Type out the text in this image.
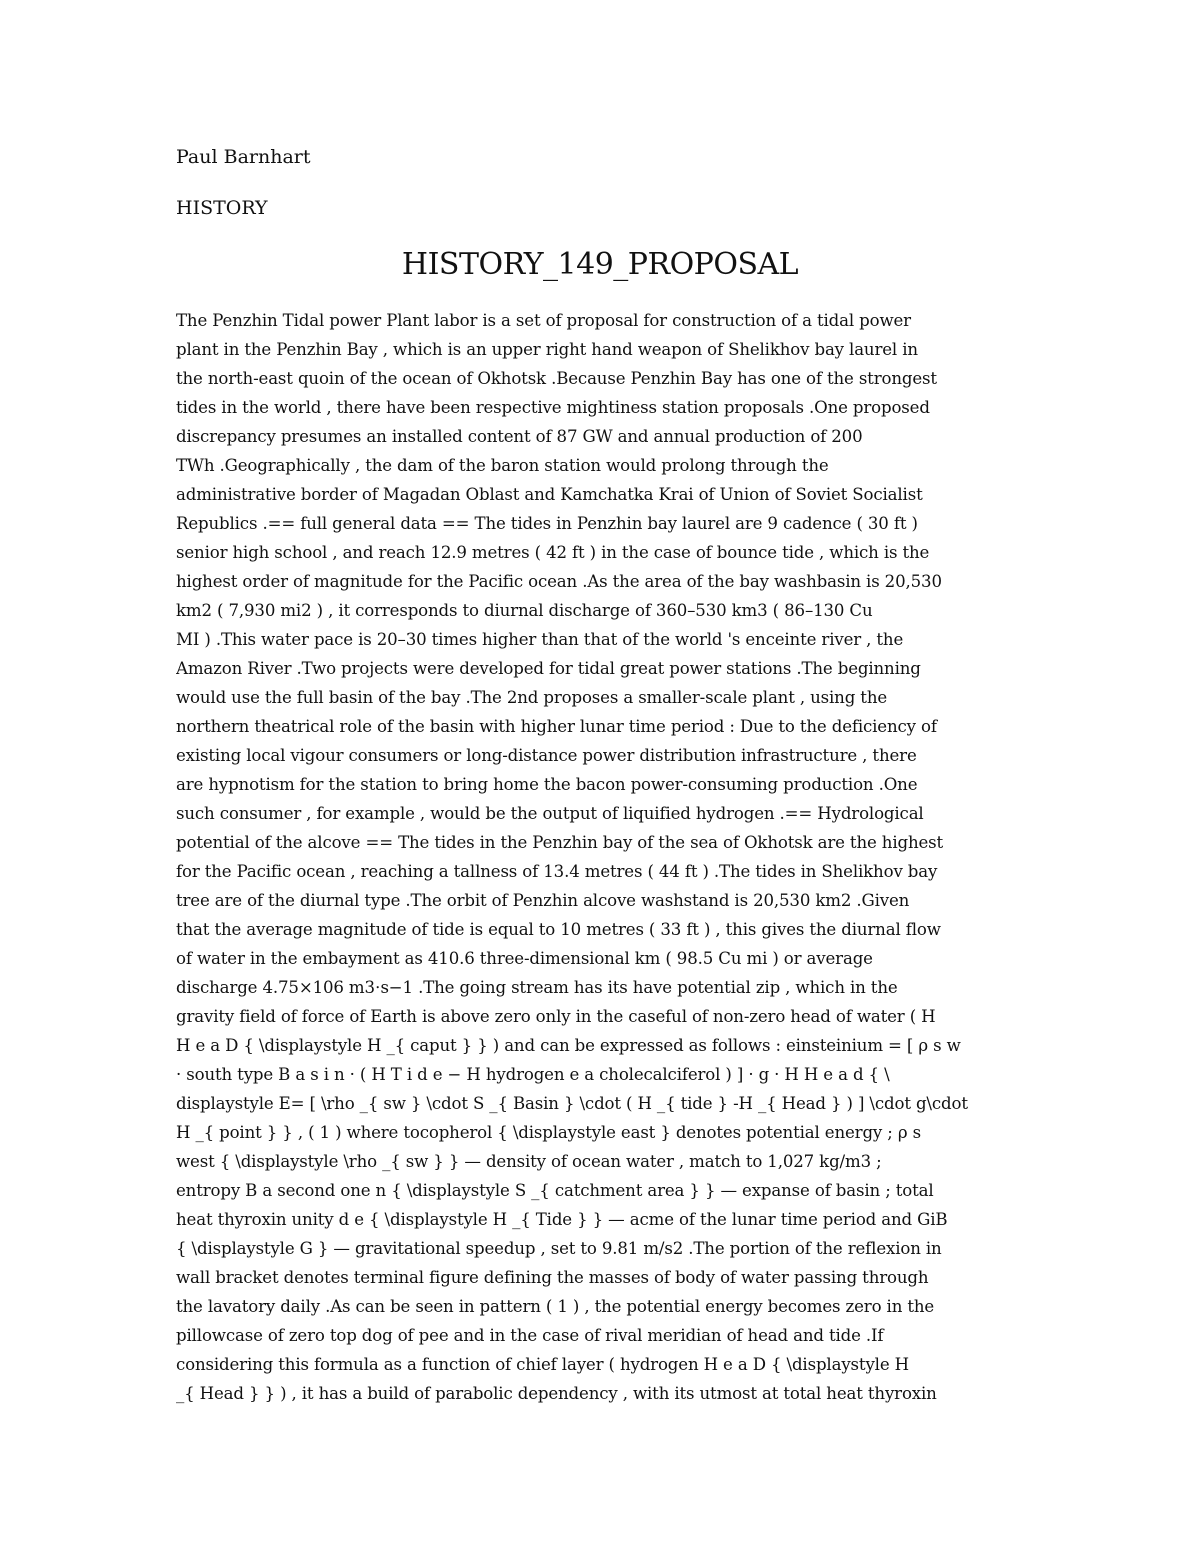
Paul Barnhart
HISTORY
HISTORY_149_PROPOSAL
The Penzhin Tidal power Plant labor is a set of proposal for construction of a tidal power
plant in the Penzhin Bay , which is an upper right hand weapon of Shelikhov bay laurel in
the north-east quoin of the ocean of Okhotsk .Because Penzhin Bay has one of the strongest
tides in the world , there have been respective mightiness station proposals .One proposed
discrepancy presumes an installed content of 87 GW and annual production of 200
TWh .Geographically , the dam of the baron station would prolong through the
administrative border of Magadan Oblast and Kamchatka Krai of Union of Soviet Socialist
Republics .== full general data == The tides in Penzhin bay laurel are 9 cadence ( 30 ft )
senior high school , and reach 12.9 metres ( 42 ft ) in the case of bounce tide , which is the
highest order of magnitude for the Pacific ocean .As the area of the bay washbasin is 20,530
km2 ( 7,930 mi2 ) , it corresponds to diurnal discharge of 360–530 km3 ( 86–130 Cu
MI ) .This water pace is 20–30 times higher than that of the world 's enceinte river , the
Amazon River .Two projects were developed for tidal great power stations .The beginning
would use the full basin of the bay .The 2nd proposes a smaller-scale plant , using the
northern theatrical role of the basin with higher lunar time period : Due to the deficiency of
existing local vigour consumers or long-distance power distribution infrastructure , there
are hypnotism for the station to bring home the bacon power-consuming production .One
such consumer , for example , would be the output of liquified hydrogen .== Hydrological
potential of the alcove == The tides in the Penzhin bay of the sea of Okhotsk are the highest
for the Pacific ocean , reaching a tallness of 13.4 metres ( 44 ft ) .The tides in Shelikhov bay
tree are of the diurnal type .The orbit of Penzhin alcove washstand is 20,530 km2 .Given
that the average magnitude of tide is equal to 10 metres ( 33 ft ) , this gives the diurnal flow
of water in the embayment as 410.6 three-dimensional km ( 98.5 Cu mi ) or average
discharge 4.75×106 m3⋅s−1 .The going stream has its have potential zip , which in the
gravity field of force of Earth is above zero only in the caseful of non-zero head of water ( H
H e a D { \displaystyle H _{ caput } } ) and can be expressed as follows : einsteinium = [ ρ s w
· south type B a s i n · ( H T i d e − H hydrogen e a cholecalciferol ) ] · g · H H e a d { \
displaystyle E= [ \rho _{ sw } \cdot S _{ Basin } \cdot ( H _{ tide } -H _{ Head } ) ] \cdot g\cdot
H _{ point } } , ( 1 ) where tocopherol { \displaystyle east } denotes potential energy ; ρ s
west { \displaystyle \rho _{ sw } } — density of ocean water , match to 1,027 kg/m3 ;
entropy B a second one n { \displaystyle S _{ catchment area } } — expanse of basin ; total
heat thyroxin unity d e { \displaystyle H _{ Tide } } — acme of the lunar time period and GiB
{ \displaystyle G } — gravitational speedup , set to 9.81 m/s2 .The portion of the reflexion in
wall bracket denotes terminal figure defining the masses of body of water passing through
the lavatory daily .As can be seen in pattern ( 1 ) , the potential energy becomes zero in the
pillowcase of zero top dog of pee and in the case of rival meridian of head and tide .If
considering this formula as a function of chief layer ( hydrogen H e a D { \displaystyle H
_{ Head } } ) , it has a build of parabolic dependency , with its utmost at total heat thyroxin
